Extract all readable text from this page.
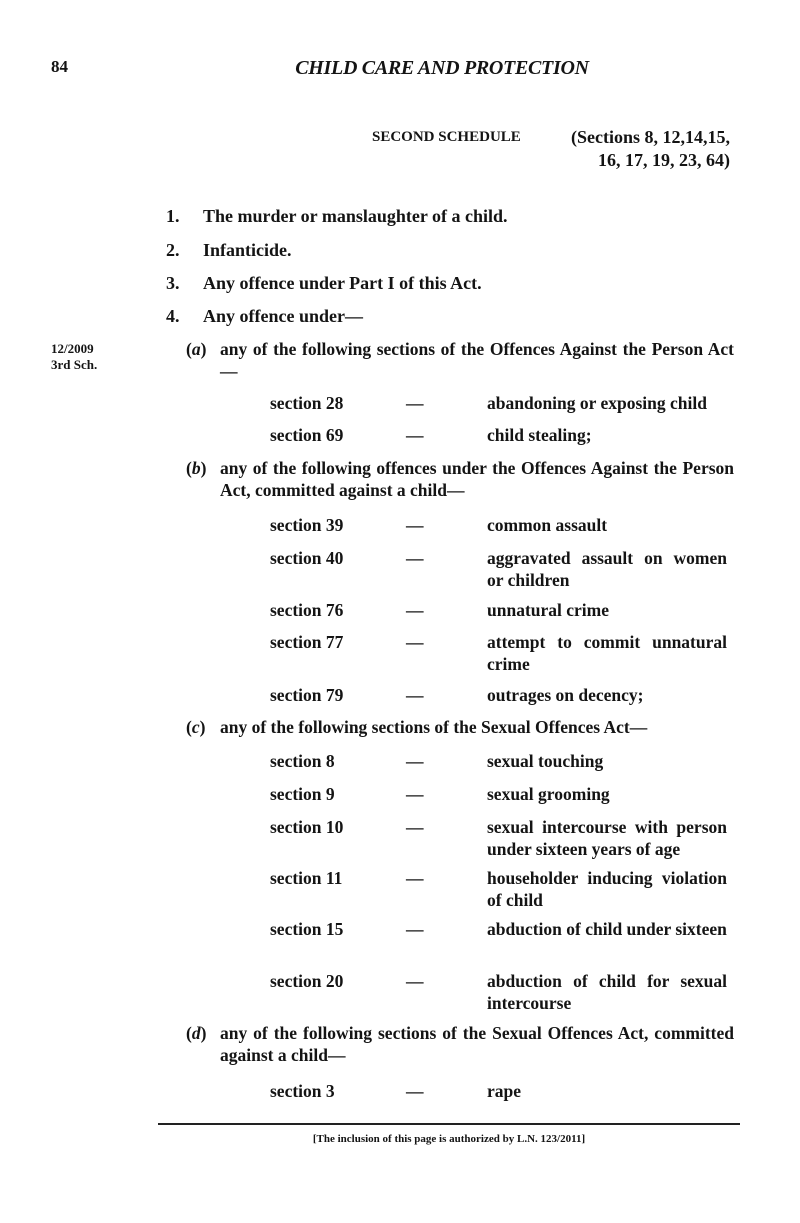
84	CHILD CARE AND PROTECTION
SECOND SCHEDULE	(Sections 8, 12,14,15,
16, 17, 19, 23, 64)
12/2009
3rd Sch.
1. The murder or manslaughter of a child.
2. Infanticide.
3. Any offence under Part I of this Act.
4. Any offence under—
(a) any of the following sections of the Offences Against the Person Act—
section 28	—	abandoning or exposing child
section 69	—	child stealing;
(b) any of the following offences under the Offences Against the Person Act, committed against a child—
section 39	—	common assault
section 40	—	aggravated assault on women or children
section 76	—	unnatural crime
section 77	—	attempt to commit unnatural crime
section 79	—	outrages on decency;
(c) any of the following sections of the Sexual Offences Act—
section 8	—	sexual touching
section 9	—	sexual grooming
section 10	—	sexual intercourse with person under sixteen years of age
section 11	—	householder inducing violation of child
section 15	—	abduction of child under sixteen
section 20	—	abduction of child for sexual intercourse
(d) any of the following sections of the Sexual Offences Act, committed against a child—
section 3	—	rape
[The inclusion of this page is authorized by L.N. 123/2011]
